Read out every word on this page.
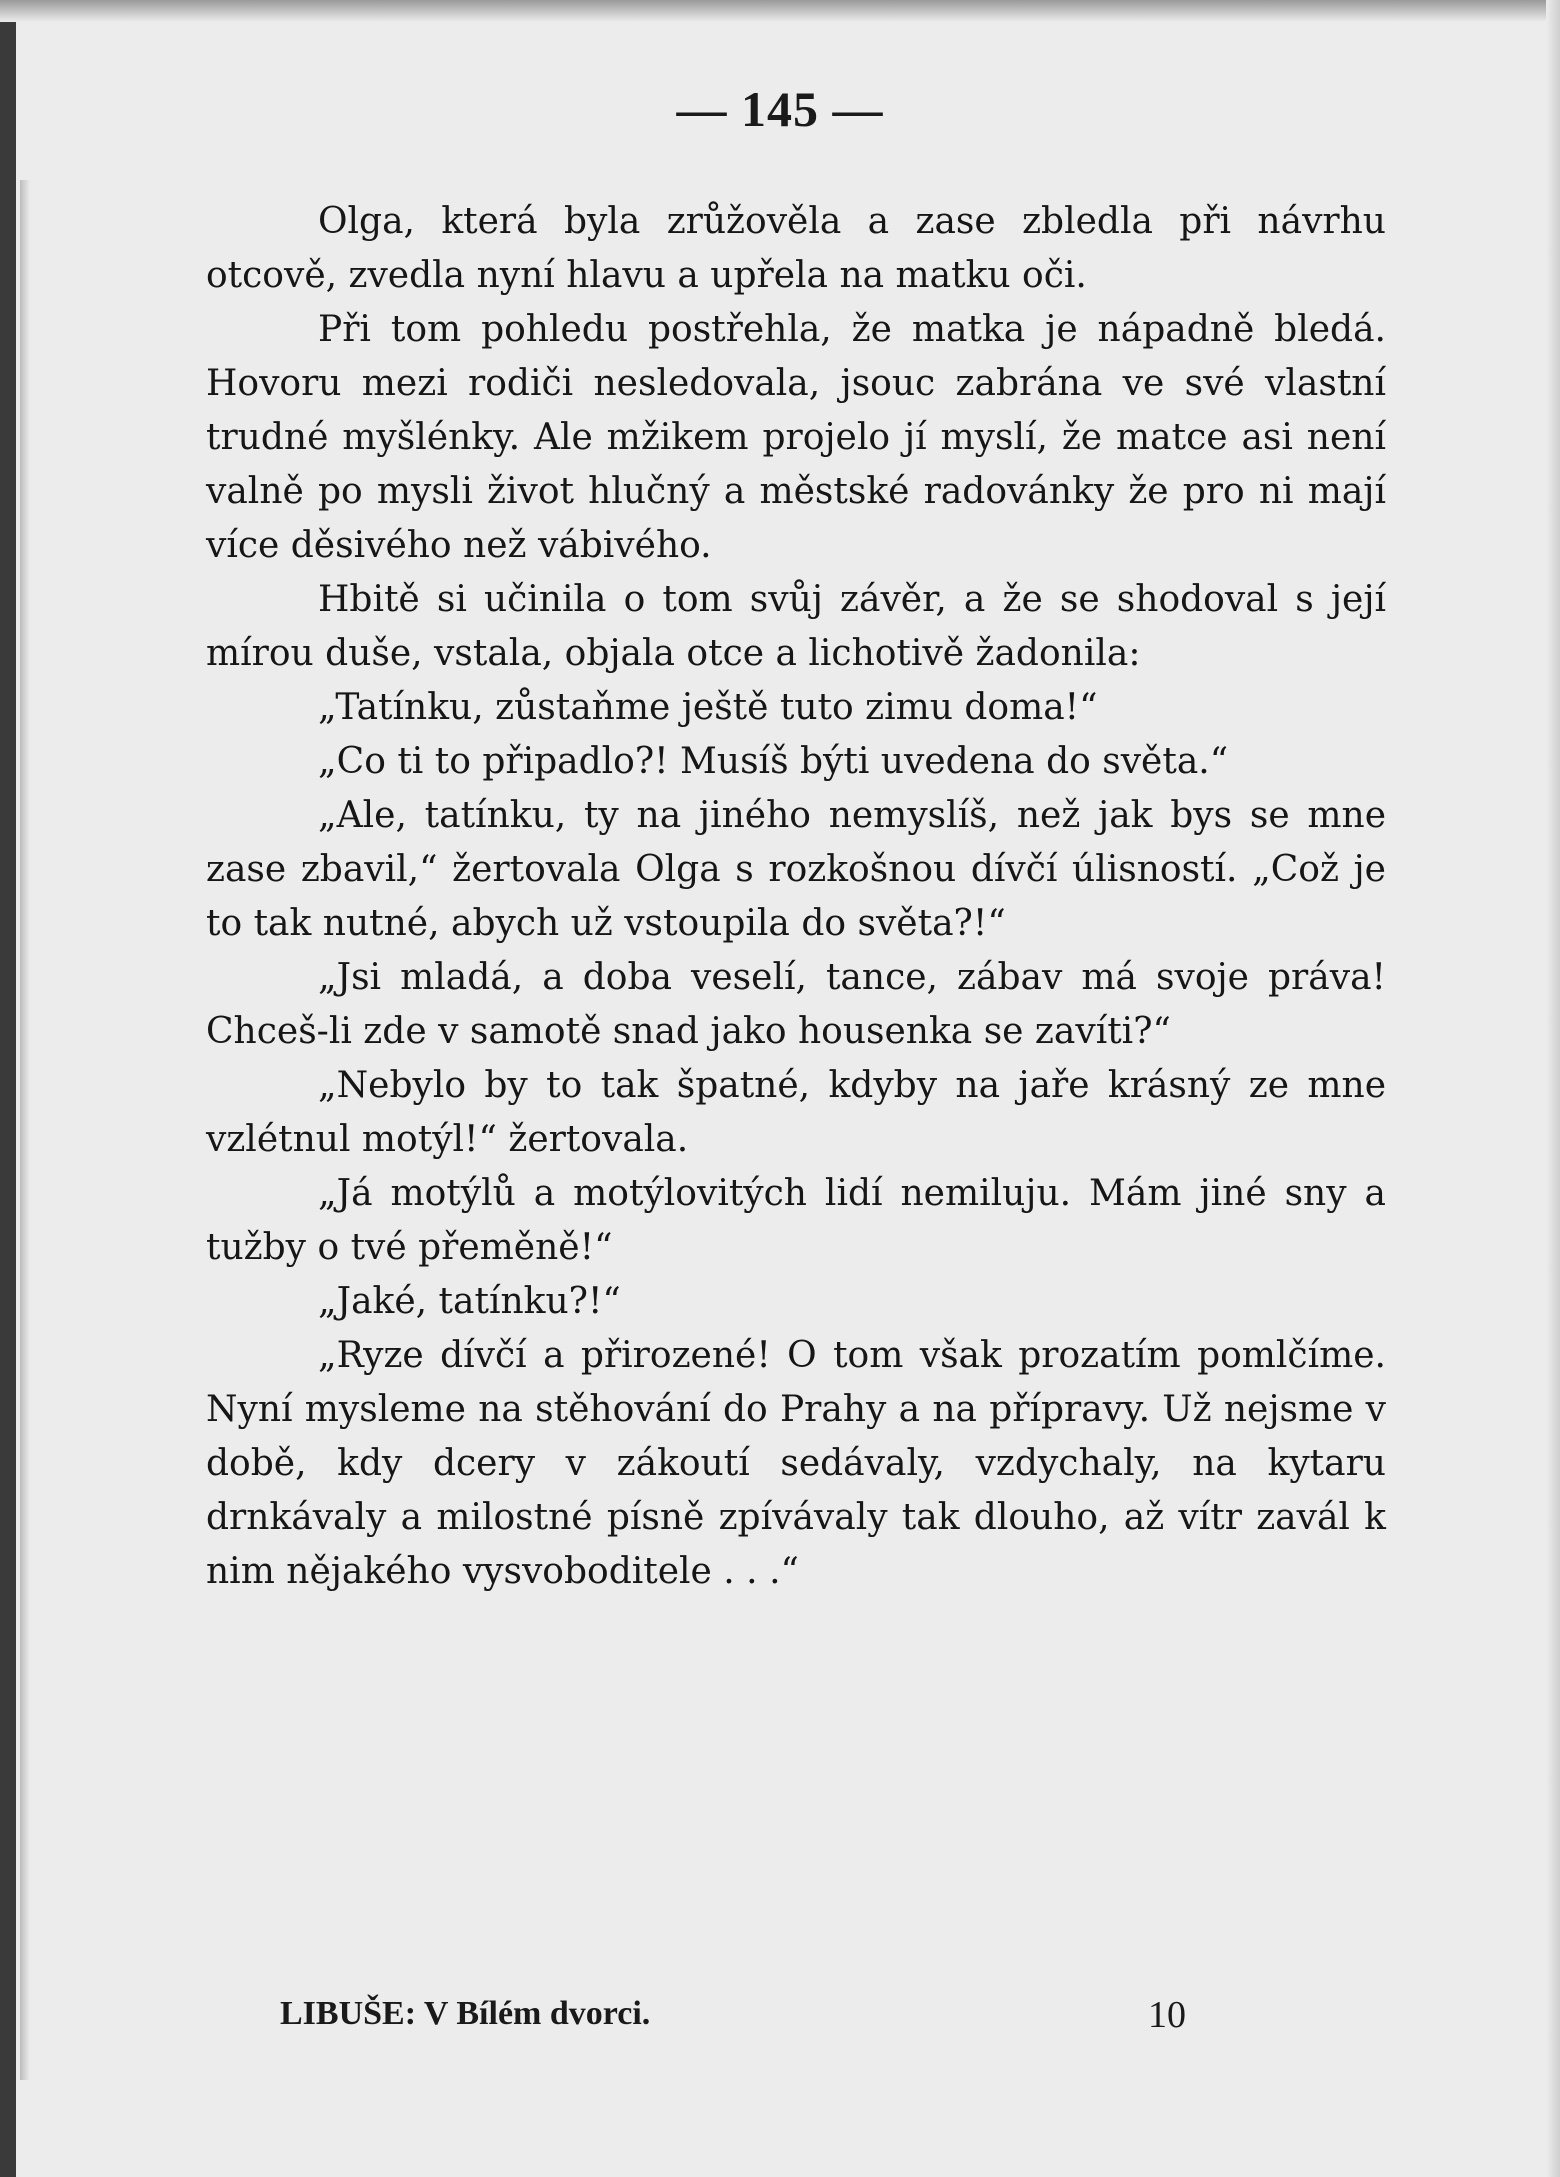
— 145 —

Olga, která byla zrůžověla a zase zbledla při návrhu otcově, zvedla nyní hlavu a upřela na matku oči.

Při tom pohledu postřehla, že matka je nápadně bledá. Hovoru mezi rodiči nesledovala, jsouc zabrána ve své vlastní trudné myšlénky. Ale mžikem projelo jí myslí, že matce asi není valně po mysli život hlučný a městské radovánky že pro ni mají více děsivého než vábivého.

Hbitě si učinila o tom svůj závěr, a že se shodoval s její mírou duše, vstala, objala otce a lichotivě žadonila:

„Tatínku, zůstaňme ještě tuto zimu doma!“

„Co ti to připadlo?! Musíš býti uvedena do světa.“

„Ale, tatínku, ty na jiného nemyslíš, než jak bys se mne zase zbavil,“ žertovala Olga s rozkošnou dívčí úlisností. „Což je to tak nutné, abych už vstoupila do světa?!“

„Jsi mladá, a doba veselí, tance, zábav má svoje práva! Chceš-li zde v samotě snad jako housenka se zavíti?“

„Nebylo by to tak špatné, kdyby na jaře krásný ze mne vzlétnul motýl!“ žertovala.

„Já motýlů a motýlovitých lidí nemiluju. Mám jiné sny a tužby o tvé přeměně!“

„Jaké, tatínku?!“

„Ryze dívčí a přirozené! O tom však prozatím pomlčíme. Nyní mysleme na stěhování do Prahy a na přípravy. Už nejsme v době, kdy dcery v zákoutí sedávaly, vzdychaly, na kytaru drnkávaly a milostné písně zpívávaly tak dlouho, až vítr zavál k nim nějakého vysvoboditele . . .“

LIBUŠE: V Bílém dvorci.	10
